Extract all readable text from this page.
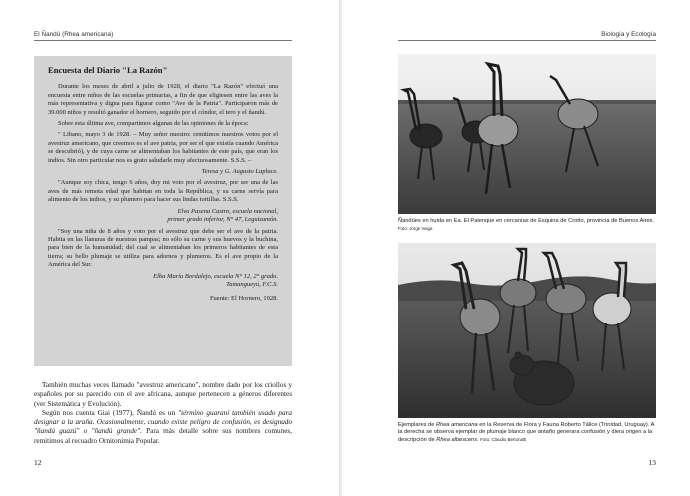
El Ñandú (Rhea americana)
Encuesta del Diario "La Razón"

Durante los meses de abril a julio de 1928, el diario "La Razón" efectuó una encuesta entre niños de las escuelas primarias, a fin de que eligiesen entre las aves la más representativa y digna para figurar como "Ave de la Patria". Participaron más de 39.000 niños y resultó ganador el hornero, seguido por el cóndor, el tero y el ñandú.

Sobre esta última ave, compartimos algunas de las opiniones de la época:

" Libano, mayo 3 de 1928. – Muy señor nuestro: remitimos nuestros votos por el avestruz americano, que creemos es el ave patria, por ser el que existía cuando América se descubrió), y de cuya carne se alimentaban los habitantes de este país, que eran los indios. Sin otro particular nos es grato saludarle muy afectuosamente. S.S.S. –

Teresa y G. Augusto Laplace.

"Aunque soy chica, tengo 6 años, doy mi voto por el avestruz, por ser una de las aves de más remota edad que habitan en toda la República, y su carne servía para alimento de los indios, y su plumero para hacer sus lindas tortillas. S.S.S.

Elva Pasena Castro, escuela nacional,

primer grado inferior, N° 47, Leguizamón.

"Soy una niña de 8 años y voto por el avestruz que debe ser el ave de la patria. Habita en las llanuras de nuestras pampas; no sólo su carne y sus huevos y la buchina, para bien de la humanidad; del cual se alimentaban los primeros habitantes de esta tierra; su bello plumaje se utiliza para adornos y plumeros. Es el ave propio de la América del Sur.

Elba María Bordalejo, escuela N° 12, 2° grado.

Tamangueyú, F.C.S.

Fuente: El Hornero, 1928.

También muchas veces llamado "avestruz americano", nombre dado por los criollos y españoles por su parecido con el ave africana, aunque pertenecen a géneros diferentes (ver Sistemática y Evolución).

Según nos cuenta Giai (1977), Ñandú es un "término guaraní también usado para designar a la araña. Ocasionalmente, cuando existe peligro de confusión, es designado "ñandú guazú" o "ñandú grande". Para más detalle sobre sus nombres comunes, remitimos al recuadro Ornitonimia Popular.

12
Biología y Ecología
Ñandúes en huida en Ea. El Palenque en cercanías de Esquina de Crotto, provincia de Buenos Aires. Foto: Jorge Veiga
Ejemplares de Rhea americana en la Reserva de Flora y Fauna Roberto Tálice (Trinidad, Uruguay). A la derecha se observa ejemplar de plumaje blanco que antaño generara confusión y diera origen a la descripción de Rhea albescens. Foto: Claudio Bertonatti
13
